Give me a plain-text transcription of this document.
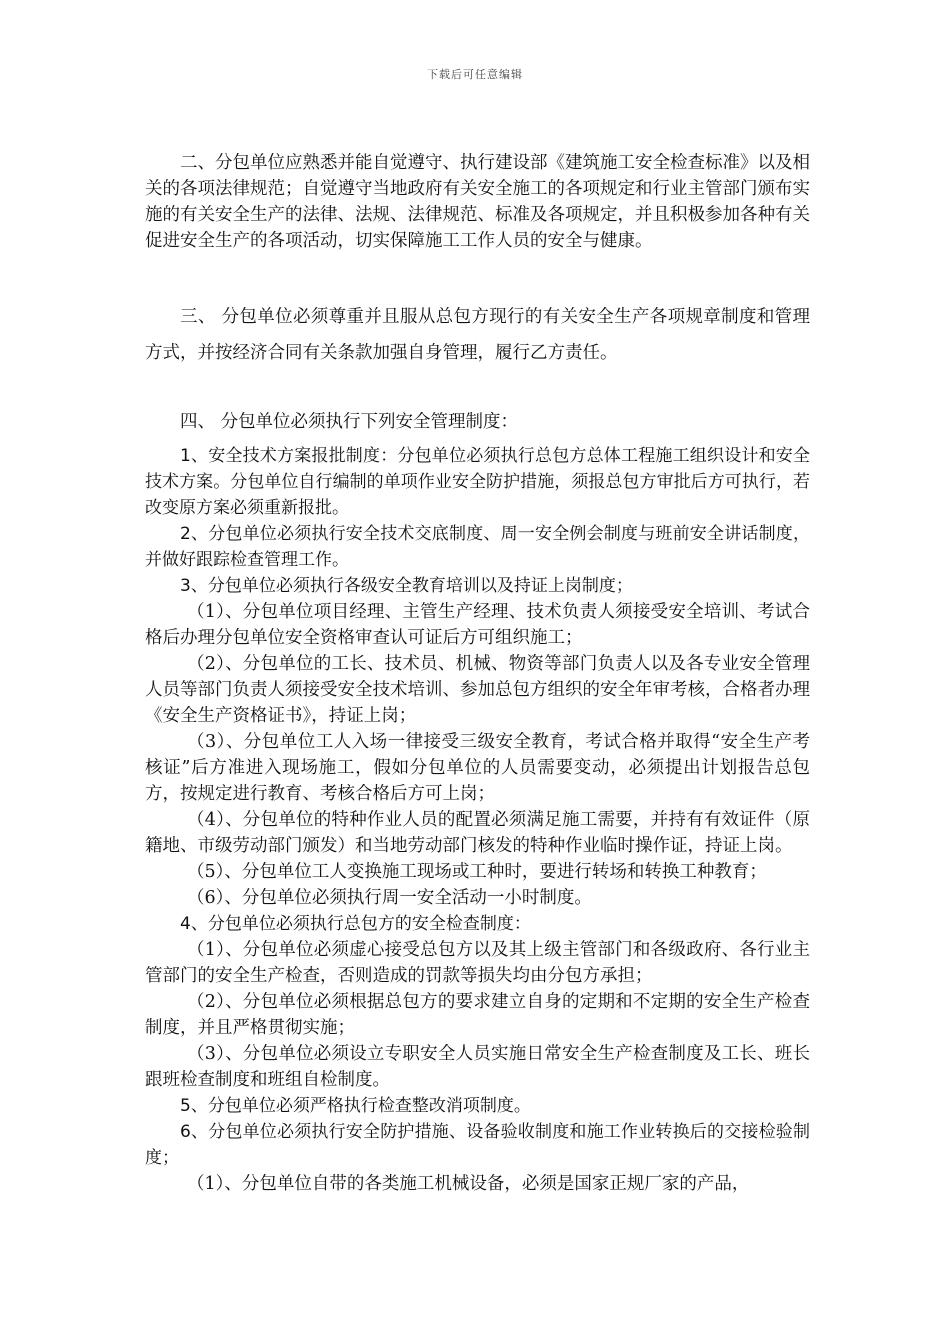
下载后可任意编辑

二、分包单位应熟悉并能自觉遵守、执行建设部《建筑施工安全检查标准》以及相关的各项法律规范；自觉遵守当地政府有关安全施工的各项规定和行业主管部门颁布实施的有关安全生产的法律、法规、法律规范、标准及各项规定，并且积极参加各种有关促进安全生产的各项活动，切实保障施工工作人员的安全与健康。

三、 分包单位必须尊重并且服从总包方现行的有关安全生产各项规章制度和管理方式，并按经济合同有关条款加强自身管理，履行乙方责任。

四、 分包单位必须执行下列安全管理制度：

1、安全技术方案报批制度：分包单位必须执行总包方总体工程施工组织设计和安全技术方案。分包单位自行编制的单项作业安全防护措施，须报总包方审批后方可执行，若改变原方案必须重新报批。

2、分包单位必须执行安全技术交底制度、周一安全例会制度与班前安全讲话制度，并做好跟踪检查管理工作。

3、分包单位必须执行各级安全教育培训以及持证上岗制度；

（1）、分包单位项目经理、主管生产经理、技术负责人须接受安全培训、考试合格后办理分包单位安全资格审查认可证后方可组织施工；

（2）、分包单位的工长、技术员、机械、物资等部门负责人以及各专业安全管理人员等部门负责人须接受安全技术培训、参加总包方组织的安全年审考核，合格者办理《安全生产资格证书》，持证上岗；

（3）、分包单位工人入场一律接受三级安全教育，考试合格并取得“安全生产考核证”后方准进入现场施工，假如分包单位的人员需要变动，必须提出计划报告总包方，按规定进行教育、考核合格后方可上岗；

（4）、分包单位的特种作业人员的配置必须满足施工需要，并持有有效证件（原籍地、市级劳动部门颁发）和当地劳动部门核发的特种作业临时操作证，持证上岗。

（5）、分包单位工人变换施工现场或工种时，要进行转场和转换工种教育；

（6）、分包单位必须执行周一安全活动一小时制度。

4、分包单位必须执行总包方的安全检查制度：

（1）、分包单位必须虚心接受总包方以及其上级主管部门和各级政府、各行业主管部门的安全生产检查，否则造成的罚款等损失均由分包方承担；

（2）、分包单位必须根据总包方的要求建立自身的定期和不定期的安全生产检查制度，并且严格贯彻实施；

（3）、分包单位必须设立专职安全人员实施日常安全生产检查制度及工长、班长跟班检查制度和班组自检制度。

5、分包单位必须严格执行检查整改消项制度。

6、分包单位必须执行安全防护措施、设备验收制度和施工作业转换后的交接检验制度；

（1）、分包单位自带的各类施工机械设备，必须是国家正规厂家的产品，
